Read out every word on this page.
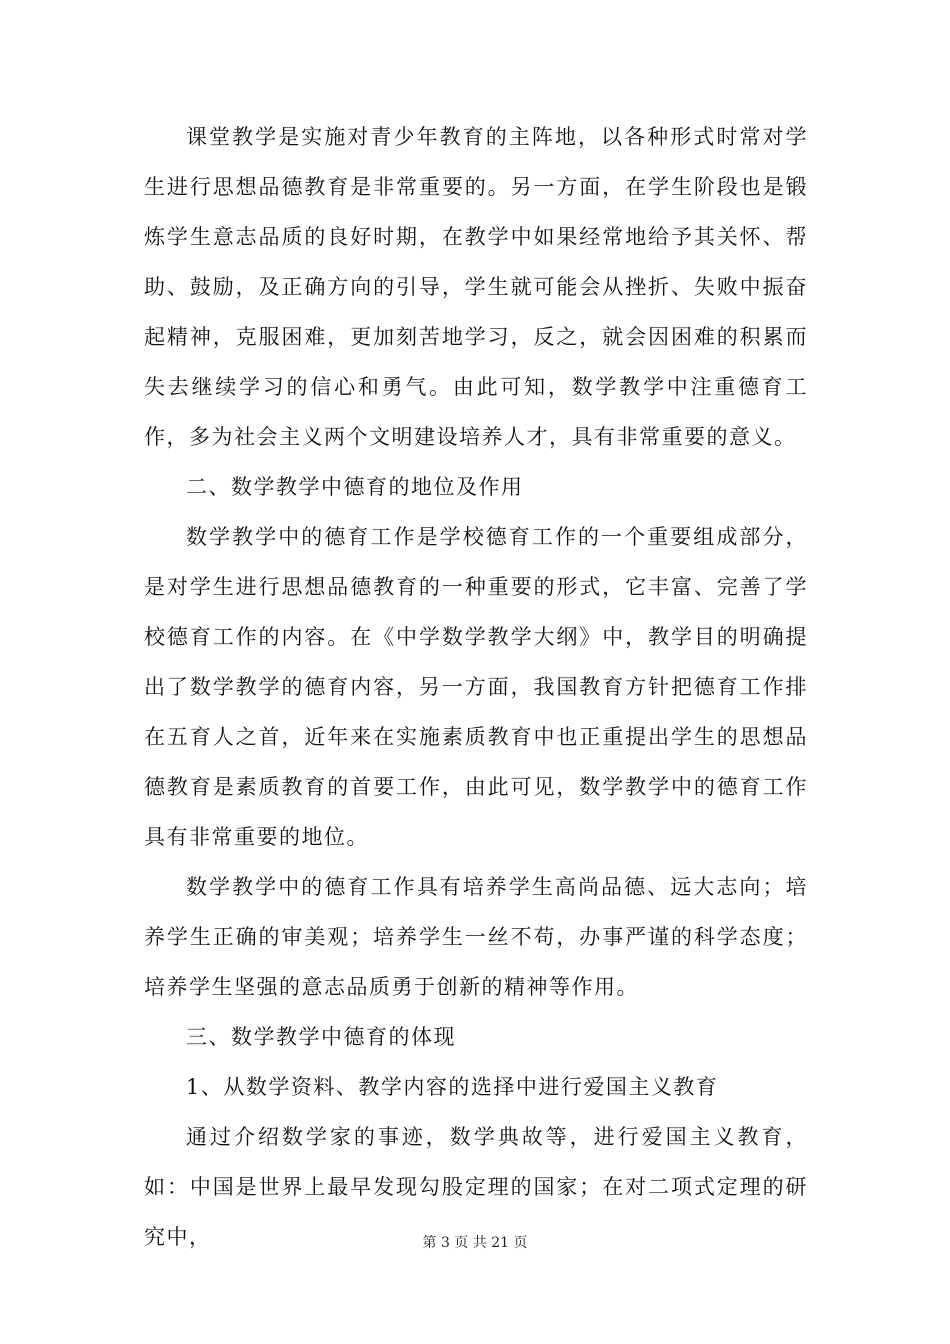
课堂教学是实施对青少年教育的主阵地，以各种形式时常对学生进行思想品德教育是非常重要的。另一方面，在学生阶段也是锻炼学生意志品质的良好时期，在教学中如果经常地给予其关怀、帮助、鼓励，及正确方向的引导，学生就可能会从挫折、失败中振奋起精神，克服困难，更加刻苦地学习，反之，就会因困难的积累而失去继续学习的信心和勇气。由此可知，数学教学中注重德育工作，多为社会主义两个文明建设培养人才，具有非常重要的意义。

二、数学教学中德育的地位及作用

数学教学中的德育工作是学校德育工作的一个重要组成部分，是对学生进行思想品德教育的一种重要的形式，它丰富、完善了学校德育工作的内容。在《中学数学教学大纲》中，教学目的明确提出了数学教学的德育内容，另一方面，我国教育方针把德育工作排在五育人之首，近年来在实施素质教育中也正重提出学生的思想品德教育是素质教育的首要工作，由此可见，数学教学中的德育工作具有非常重要的地位。

数学教学中的德育工作具有培养学生高尚品德、远大志向；培养学生正确的审美观；培养学生一丝不苟，办事严谨的科学态度；培养学生坚强的意志品质勇于创新的精神等作用。

三、数学教学中德育的体现

1、从数学资料、教学内容的选择中进行爱国主义教育

通过介绍数学家的事迹，数学典故等，进行爱国主义教育，如：中国是世界上最早发现勾股定理的国家；在对二项式定理的研究中，	第 3 页 共 21 页
